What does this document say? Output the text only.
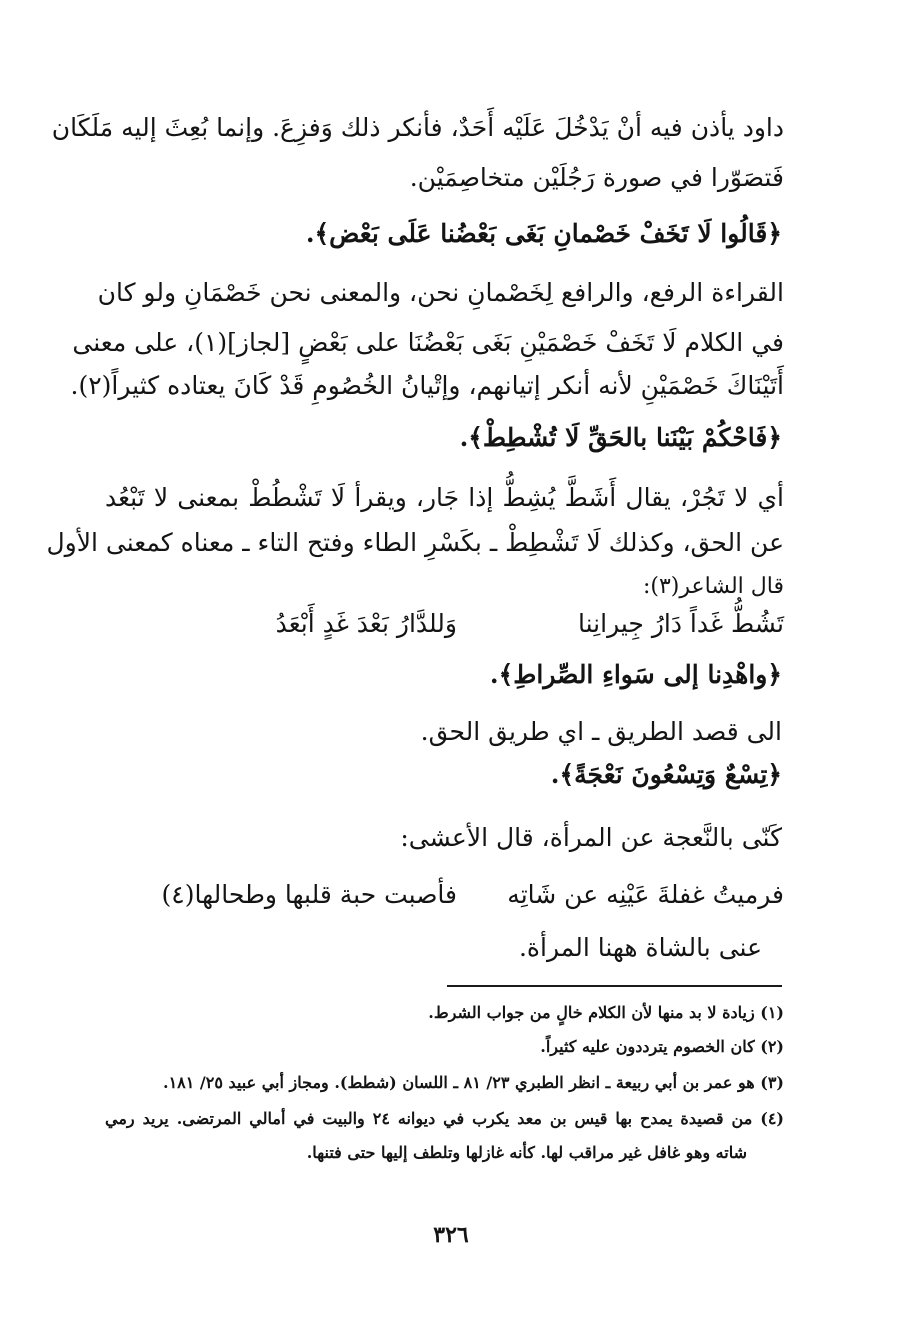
داود يأذن فيه أنْ يَدْخُلَ عَلَيْه أَحَدٌ، فأنكر ذلك وَفزِعَ. وإنما بُعِثَ إليه مَلَكَان
فَتصَوّرا في صورة رَجُلَيْن متخاصِمَيْن.
﴿قَالُوا لَا تَخَفْ خَصْمانِ بَغَى بَعْضُنا عَلَى بَعْض﴾.
القراءة الرفع، والرافع لِخَصْمانِ نحن، والمعنى نحن خَصْمَانِ ولو كان
في الكلام لَا تَخَفْ خَصْمَيْنِ بَغَى بَعْضُنَا على بَعْضٍ [لجاز](١)، على معنى
أَتَيْنَاكَ خَصْمَيْنِ لأنه أنكر إتيانهم، وإتْيانُ الخُصُومِ قَدْ كَانَ يعتاده كثيراً(٢).
﴿فَاحْكُمْ بَيْنَنا بالحَقِّ لَا تُشْطِطْ﴾.
أي لا تَجُرْ، يقال أَشَطَّ يُشِطُّ إذا جَار، ويقرأ لَا تَشْطُطْ بمعنى لا تَبْعُد
عن الحق، وكذلك لَا تَشْطِطْ ـ بكَسْرِ الطاء وفتح التاء ـ معناه كمعنى الأول
قال الشاعر(٣):
تَشُطُّ غَداً دَارُ جِيرانِنا
وَللدَّارُ بَعْدَ غَدٍ أَبْعَدُ
﴿واهْدِنا إلى سَواءِ الصِّراطِ﴾.
الى قصد الطريق ـ اي طريق الحق.
﴿تِسْعٌ وَتِسْعُونَ نَعْجَةً﴾.
كَنّى بالنَّعجة عن المرأة، قال الأعشى:
فرميتُ غفلةَ عَيْنِه عن شَاتِه
فأصبت حبة قلبها وطحالها(٤)
عنى بالشاة ههنا المرأة.
(١) زيادة لا بد منها لأن الكلام خالٍ من جواب الشرط.
(٢) كان الخصوم يترددون عليه كثيراً.
(٣) هو عمر بن أبي ربيعة ـ انظر الطبري ٢٣/ ٨١ ـ اللسان (شطط). ومجاز أبي عبيد ٢٥/ ١٨١.
(٤) من قصيدة يمدح بها قيس بن معد يكرب في ديوانه ٢٤ والبيت في أمالي المرتضى. يريد رمي
شاته وهو غافل غير مراقب لها. كأنه غازلها وتلطف إليها حتى فتنها.
٣٢٦
